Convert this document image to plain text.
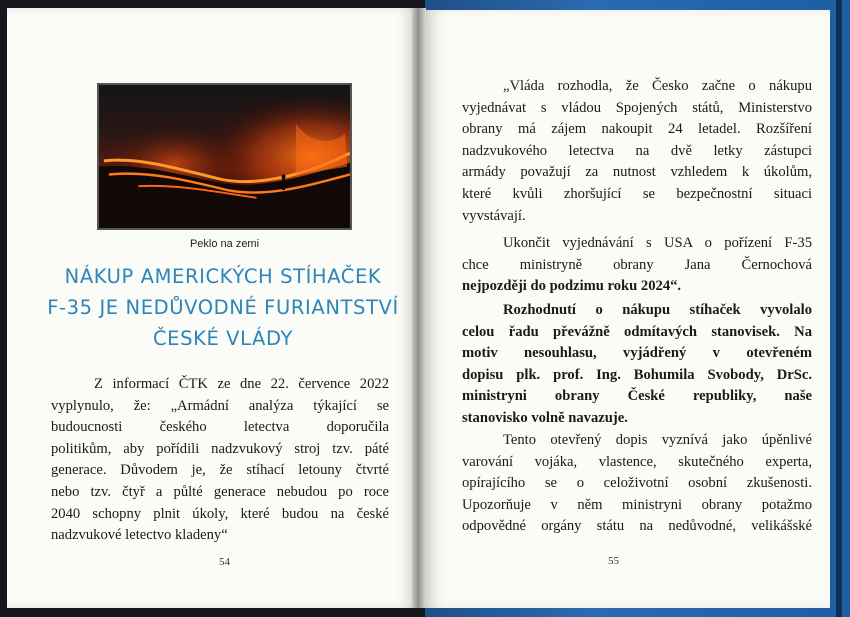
Peklo na zemi
NÁKUP AMERICKÝCH STÍHAČEK
F-35 JE NEDŮVODNÉ FURIANTSTVÍ
ČESKÉ VLÁDY
Z informací ČTK ze dne 22. července 2022
vyplynulo, že: „Armádní analýza týkající se
budoucnosti českého letectva doporučila
politikům, aby pořídili nadzvukový stroj tzv. páté
generace. Důvodem je, že stíhací letouny čtvrté
nebo tzv. čtyř a půlté generace nebudou po roce
2040 schopny plnit úkoly, které budou na české
nadzvukové letectvo kladeny“
54
„Vláda rozhodla, že Česko začne o nákupu
vyjednávat s vládou Spojených států, Ministerstvo
obrany má zájem nakoupit 24 letadel. Rozšíření
nadzvukového letectva na dvě letky zástupci
armády považují za nutnost vzhledem k úkolům,
které kvůli zhoršující se bezpečnostní situaci
vyvstávají.
Ukončit vyjednávání s USA o pořízení F-35
chce ministryně obrany Jana Černochová
nejpozději do podzimu roku 2024“.
Rozhodnutí o nákupu stíhaček vyvolalo
celou řadu převážně odmítavých stanovisek. Na
motiv nesouhlasu, vyjádřený v otevřeném
dopisu plk. prof. Ing. Bohumila Svobody, DrSc.
ministryni obrany České republiky, naše
stanovisko volně navazuje.
Tento otevřený dopis vyznívá jako úpěnlivé
varování vojáka, vlastence, skutečného experta,
opírajícího se o celoživotní osobní zkušenosti.
Upozorňuje v něm ministryni obrany potažmo
odpovědné orgány státu na nedůvodné, velikášské
55
